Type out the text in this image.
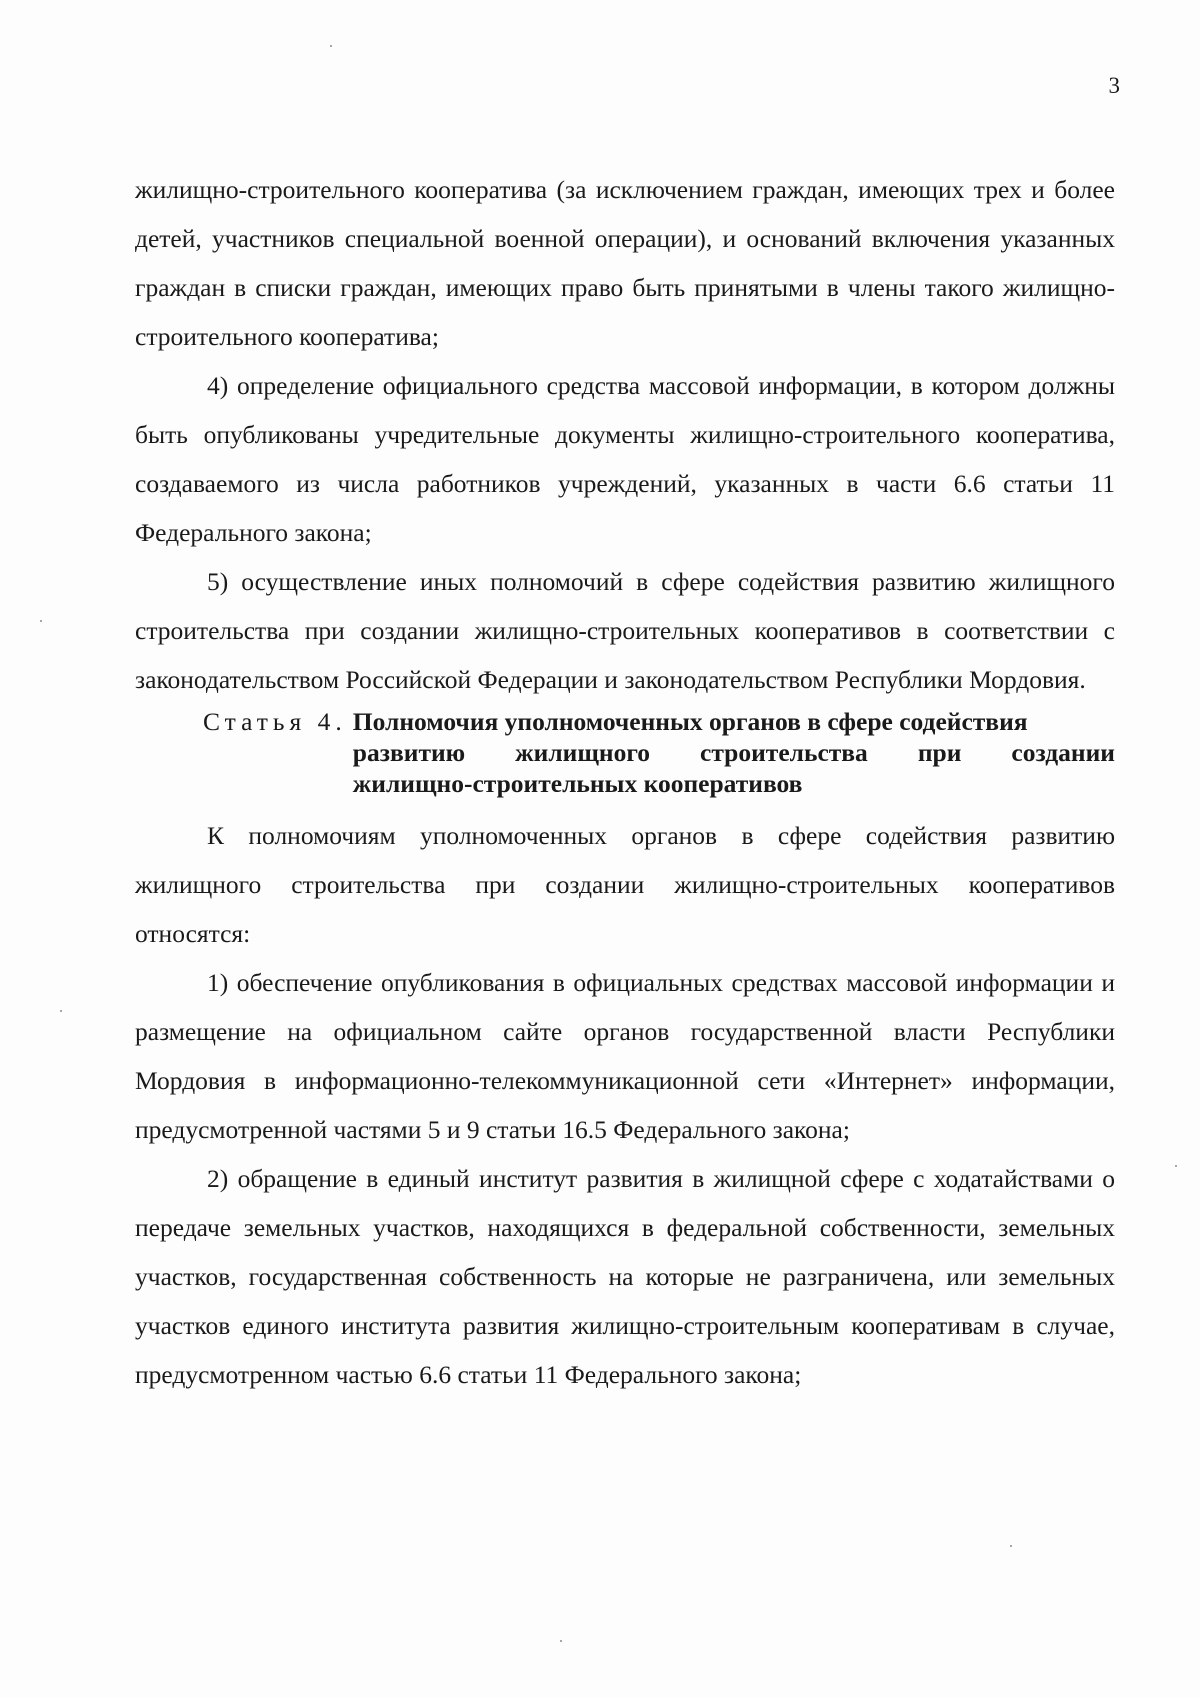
3

жилищно-строительного кооператива (за исключением граждан, имеющих трех и более детей, участников специальной военной операции), и оснований включения указанных граждан в списки граждан, имеющих право быть принятыми в члены такого жилищно-строительного кооператива;

4) определение официального средства массовой информации, в котором должны быть опубликованы учредительные документы жилищно-строительного кооператива, создаваемого из числа работников учреждений, указанных в части 6.6 статьи 11 Федерального закона;

5) осуществление иных полномочий в сфере содействия развитию жилищного строительства при создании жилищно-строительных кооперативов в соответствии с законодательством Российской Федерации и законодательством Республики Мордовия.

Статья 4. Полномочия уполномоченных органов в сфере содействия
развитию жилищного строительства при создании
жилищно-строительных кооперативов

К полномочиям уполномоченных органов в сфере содействия развитию жилищного строительства при создании жилищно-строительных кооперативов относятся:

1) обеспечение опубликования в официальных средствах массовой информации и размещение на официальном сайте органов государственной власти Республики Мордовия в информационно-телекоммуникационной сети «Интернет» информации, предусмотренной частями 5 и 9 статьи 16.5 Федерального закона;

2) обращение в единый институт развития в жилищной сфере с ходатайствами о передаче земельных участков, находящихся в федеральной собственности, земельных участков, государственная собственность на которые не разграничена, или земельных участков единого института развития жилищно-строительным кооперативам в случае, предусмотренном частью 6.6 статьи 11 Федерального закона;
